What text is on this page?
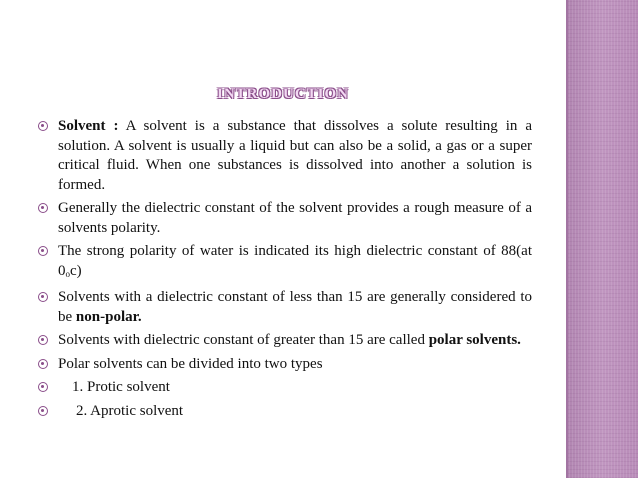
INTRODUCTION
Solvent : A solvent is a substance that dissolves a solute resulting in a solution. A solvent is usually a liquid but can also be a solid, a gas or a super critical fluid. When one substances is dissolved into another a solution is formed.
Generally the dielectric constant of the solvent provides a rough measure of a solvents polarity.
The strong polarity of water is indicated its high dielectric constant of 88(at $0_oc$)
Solvents with a dielectric constant of less than 15 are generally considered to be non-polar.
Solvents with dielectric constant of greater than 15 are called polar solvents.
Polar solvents can be divided into two types
1. Protic solvent
2. Aprotic solvent
